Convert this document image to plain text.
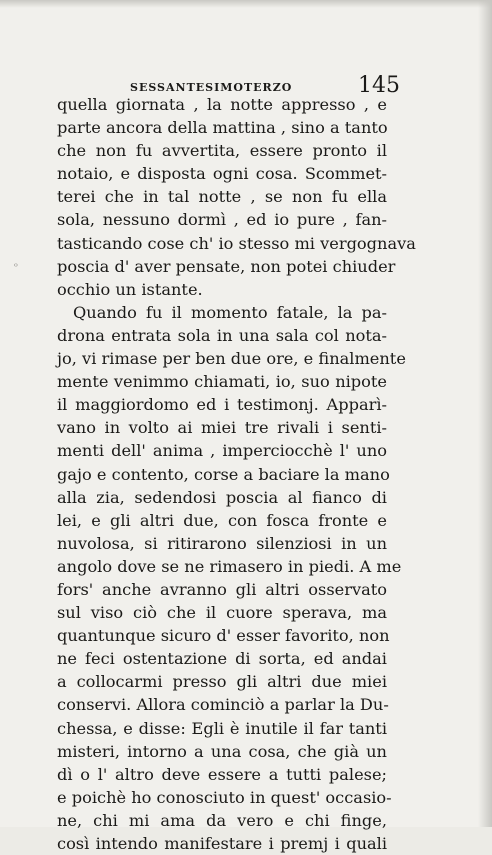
SESSANTESIMOTERZO	145
ᵒ
quella giornata , la notte appresso , e
parte ancora della mattina , sino a tanto
che non fu avvertita, essere pronto il
notaio, e disposta ogni cosa. Scommet-
terei che in tal notte , se non fu ella
sola, nessuno dormì , ed io pure , fan-
tasticando cose ch' io stesso mi vergognava
poscia d' aver pensate, non potei chiuder
occhio un istante.
Quando fu il momento fatale, la pa-
drona entrata sola in una sala col nota-
jo, vi rimase per ben due ore, e finalmente
mente venimmo chiamati, io, suo nipote
il maggiordomo ed i testimonj. Apparì-
vano in volto ai miei tre rivali i senti-
menti dell' anima , imperciocchè l' uno
gajo e contento, corse a baciare la mano
alla zia, sedendosi poscia al fianco di
lei, e gli altri due, con fosca fronte e
nuvolosa, si ritirarono silenziosi in un
angolo dove se ne rimasero in piedi. A me
fors' anche avranno gli altri osservato
sul viso ciò che il cuore sperava, ma
quantunque sicuro d' esser favorito, non
ne feci ostentazione di sorta, ed andai
a collocarmi presso gli altri due miei
conservi. Allora cominciò a parlar la Du-
chessa, e disse: Egli è inutile il far tanti
misteri, intorno a una cosa, che già un
dì o l' altro deve essere a tutti palese;
e poichè ho conosciuto in quest' occasio-
ne, chi mi ama da vero e chi finge,
così intendo manifestare i premj i quali
